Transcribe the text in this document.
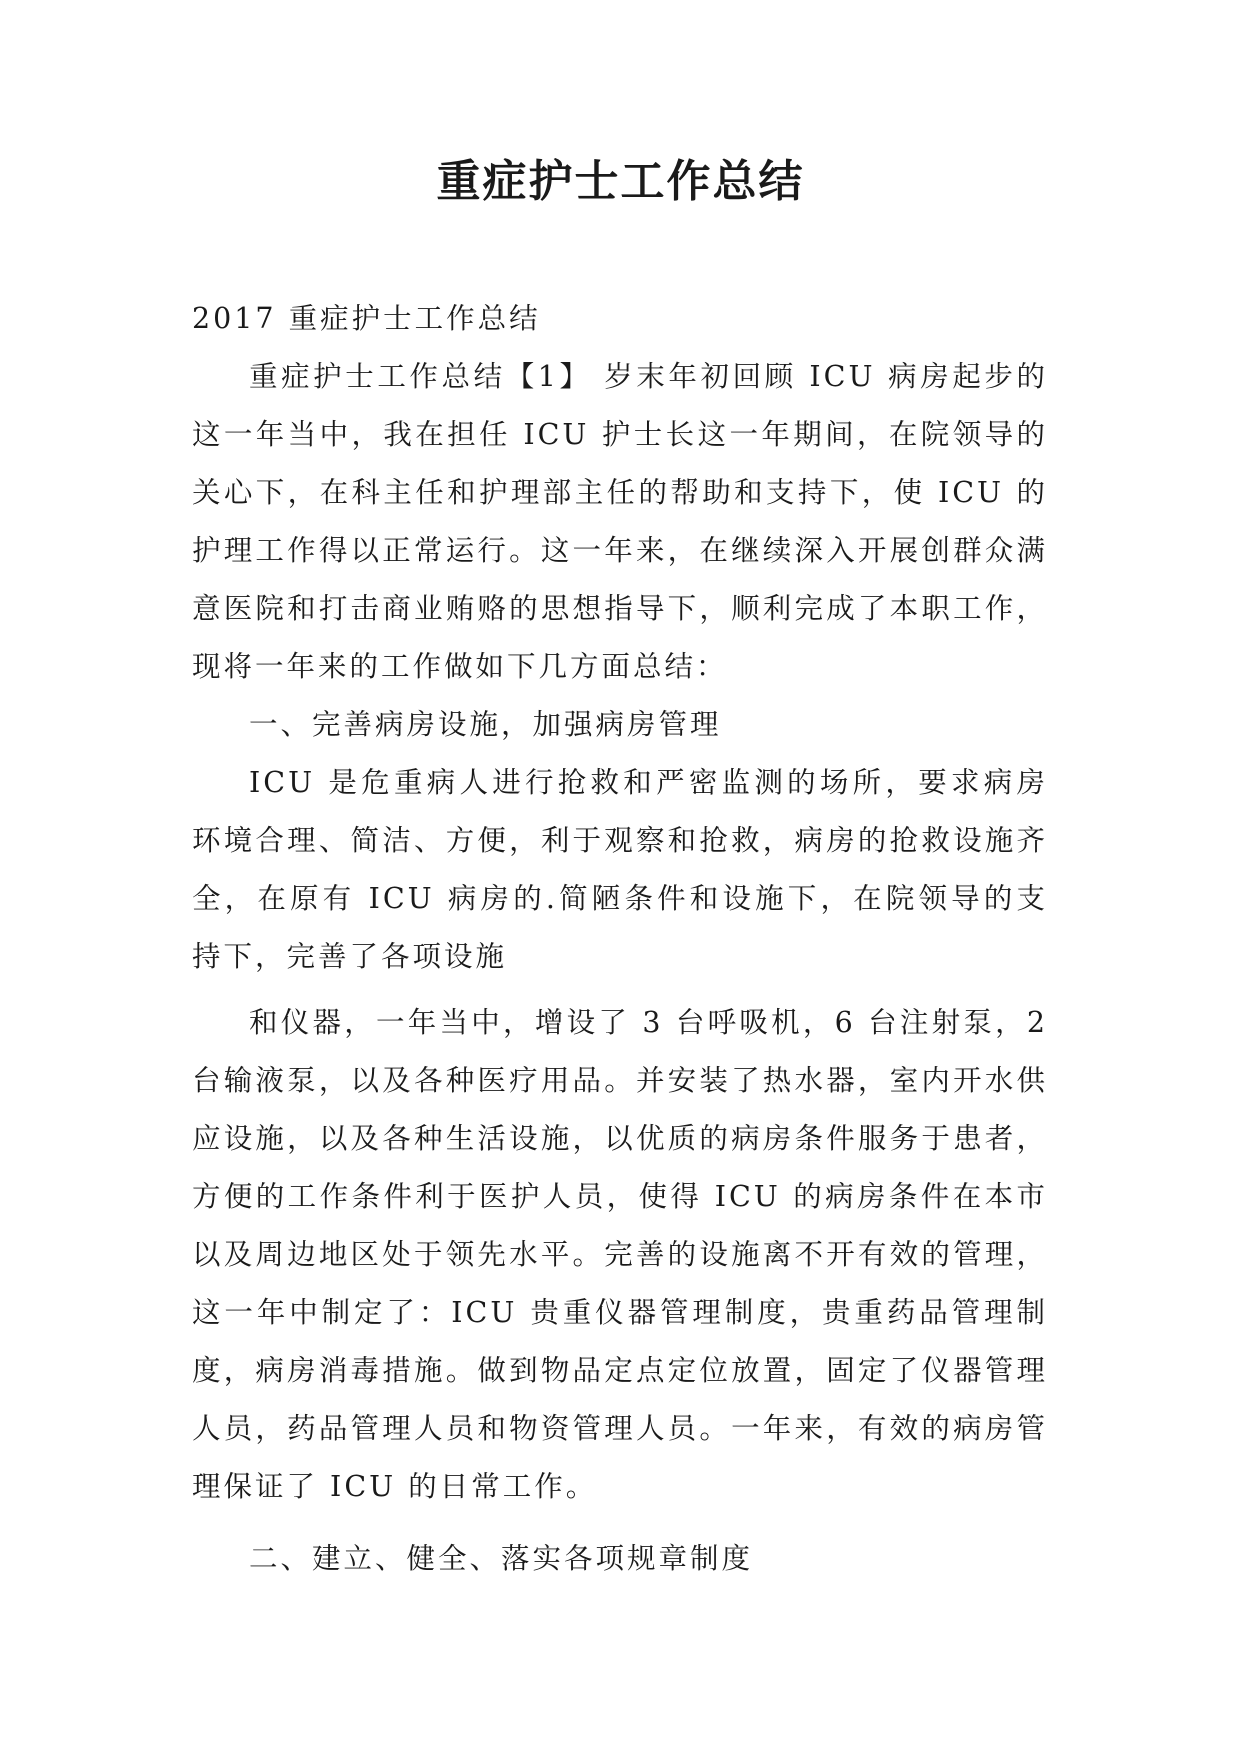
重症护士工作总结

2017 重症护士工作总结

重症护士工作总结【1】 岁末年初回顾 ICU 病房起步的这一年当中，我在担任 ICU 护士长这一年期间，在院领导的关心下，在科主任和护理部主任的帮助和支持下，使 ICU 的护理工作得以正常运行。这一年来，在继续深入开展创群众满意医院和打击商业贿赂的思想指导下，顺利完成了本职工作，现将一年来的工作做如下几方面总结：

一、完善病房设施，加强病房管理

ICU 是危重病人进行抢救和严密监测的场所，要求病房环境合理、简洁、方便，利于观察和抢救，病房的抢救设施齐全，在原有 ICU 病房的.简陋条件和设施下，在院领导的支持下，完善了各项设施

和仪器，一年当中，增设了 3 台呼吸机，6 台注射泵，2 台输液泵，以及各种医疗用品。并安装了热水器，室内开水供应设施，以及各种生活设施，以优质的病房条件服务于患者，方便的工作条件利于医护人员，使得 ICU 的病房条件在本市以及周边地区处于领先水平。完善的设施离不开有效的管理，这一年中制定了：ICU 贵重仪器管理制度，贵重药品管理制度，病房消毒措施。做到物品定点定位放置，固定了仪器管理人员，药品管理人员和物资管理人员。一年来，有效的病房管理保证了 ICU 的日常工作。

二、建立、健全、落实各项规章制度
